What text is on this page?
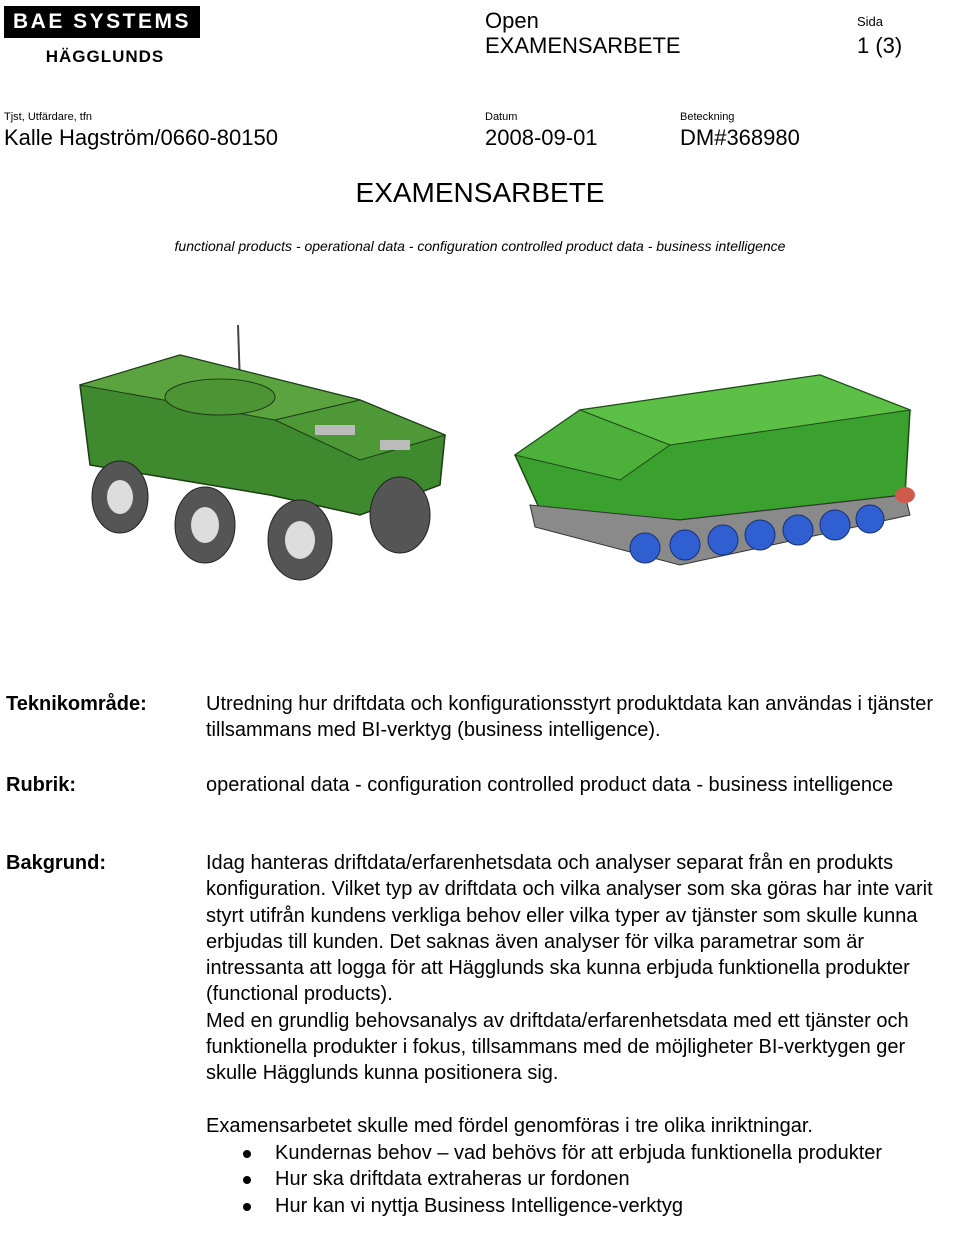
BAE SYSTEMS
HÄGGLUNDS
Open
EXAMENSARBETE
Sida
1 (3)
Tjst, Utfärdare, tfn
Kalle Hagström/0660-80150
Datum
2008-09-01
Beteckning
DM#368980
EXAMENSARBETE
functional products - operational data - configuration controlled product data - business intelligence
Teknikområde:	Utredning hur driftdata och konfigurationsstyrt produktdata kan användas i tjänster tillsammans med BI-verktyg (business intelligence).
Rubrik:	operational data - configuration controlled product data - business intelligence
Bakgrund:	Idag hanteras driftdata/erfarenhetsdata och analyser separat från en produkts konfiguration. Vilket typ av driftdata och vilka analyser som ska göras har inte varit styrt utifrån kundens verkliga behov eller vilka typer av tjänster som skulle kunna erbjudas till kunden. Det saknas även analyser för vilka parametrar som är intressanta att logga för att Hägglunds ska kunna erbjuda funktionella produkter (functional products).

Med en grundlig behovsanalys av driftdata/erfarenhetsdata med ett tjänster och funktionella produkter i fokus, tillsammans med de möjligheter BI-verktygen ger skulle Hägglunds kunna positionera sig.

Examensarbetet skulle med fördel genomföras i tre olika inriktningar.

Kundernas behov – vad behövs för att erbjuda funktionella produkter
Hur ska driftdata extraheras ur fordonen
Hur kan vi nyttja Business Intelligence-verktyg
